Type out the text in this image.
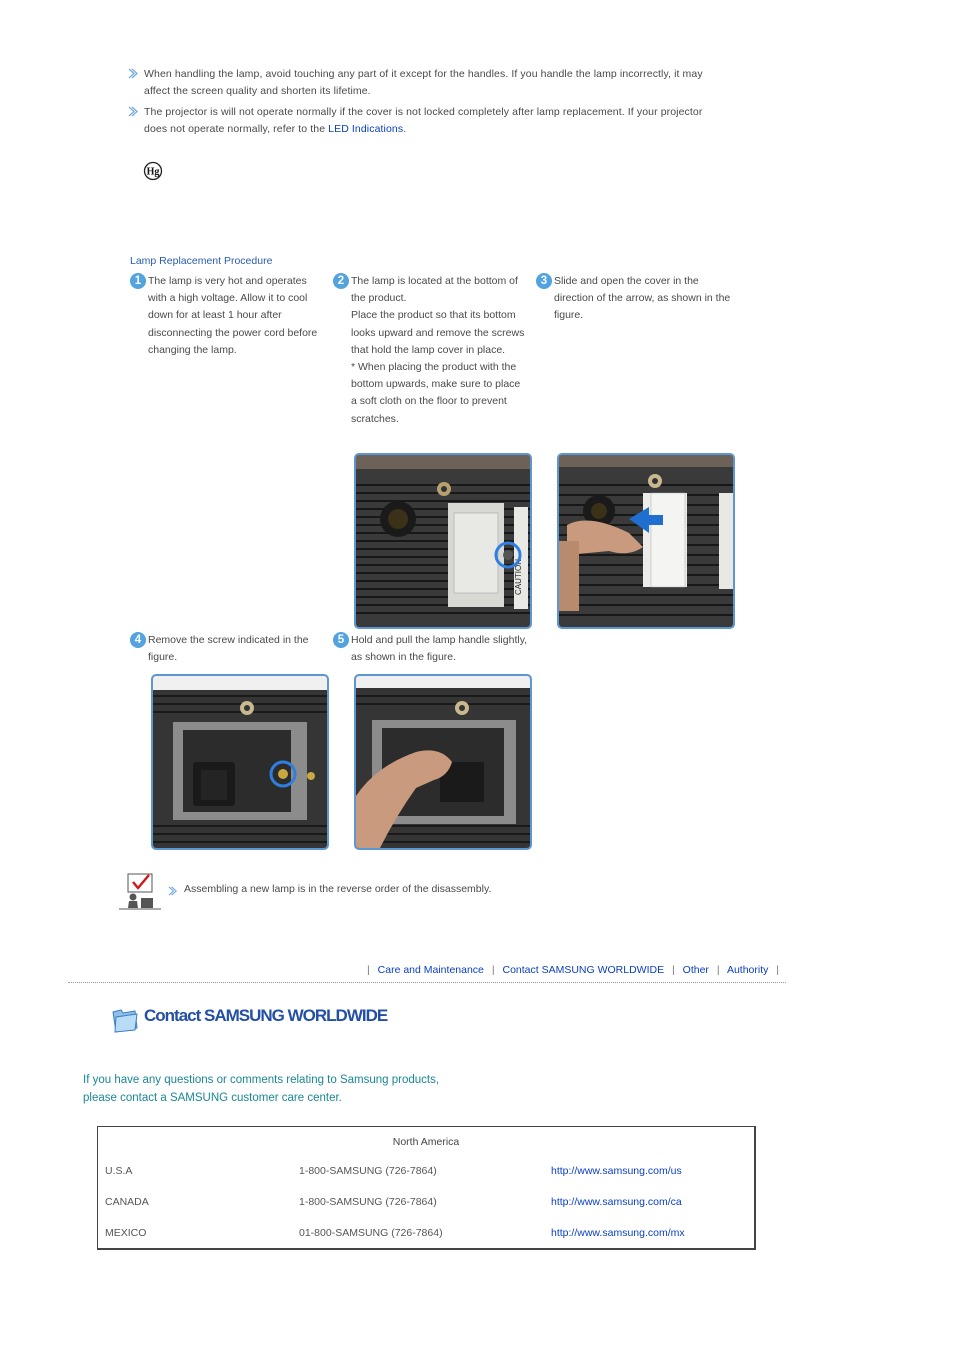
When handling the lamp, avoid touching any part of it except for the handles. If you handle the lamp incorrectly, it may affect the screen quality and shorten its lifetime.
The projector is will not operate normally if the cover is not locked completely after lamp replacement. If your projector does not operate normally, refer to the LED Indications.
Hg
Lamp Replacement Procedure
1 The lamp is very hot and operates with a high voltage. Allow it to cool down for at least 1 hour after disconnecting the power cord before changing the lamp.
2 The lamp is located at the bottom of the product.
Place the product so that its bottom looks upward and remove the screws that hold the lamp cover in place.
* When placing the product with the bottom upwards, make sure to place a soft cloth on the floor to prevent scratches.
3 Slide and open the cover in the direction of the arrow, as shown in the figure.
CAUTION
4 Remove the screw indicated in the figure.
5 Hold and pull the lamp handle slightly, as shown in the figure.
Assembling a new lamp is in the reverse order of the disassembly.
| Care and Maintenance | Contact SAMSUNG WORLDWIDE | Other | Authority |
Contact SAMSUNG WORLDWIDE
If you have any questions or comments relating to Samsung products,
please contact a SAMSUNG customer care center.
North America
U.S.A	1-800-SAMSUNG (726-7864)	http://www.samsung.com/us
CANADA	1-800-SAMSUNG (726-7864)	http://www.samsung.com/ca
MEXICO	01-800-SAMSUNG (726-7864)	http://www.samsung.com/mx
